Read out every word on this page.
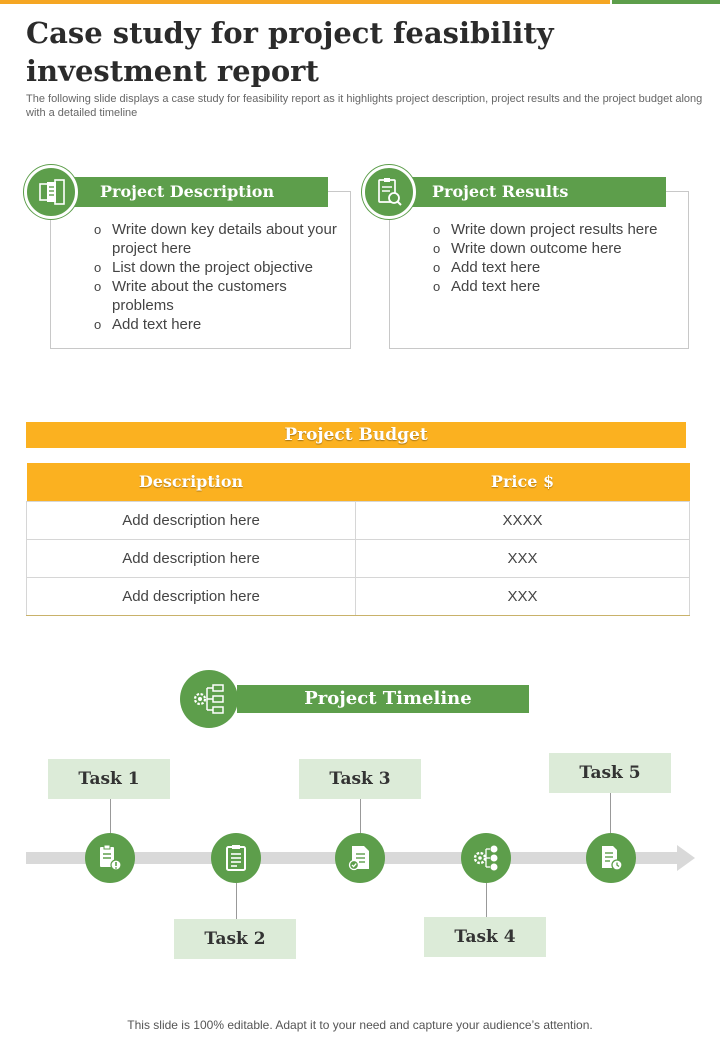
Case study for project feasibility investment report

The following slide displays a case study for feasibility report as it highlights project description, project results and the project budget along with a detailed timeline

Project Description
o Write down key details about your project here
o List down the project objective
o Write about the customers problems
o Add text here
Project Results
o Write down project results here
o Write down outcome here
o Add text here
o Add text here
Project Budget
Description	Price $
Add description here	XXXX
Add description here	XXX
Add description here	XXX
Project Timeline
Task 1
Task 2
Task 3
Task 4
Task 5
This slide is 100% editable. Adapt it to your need and capture your audience’s attention.
